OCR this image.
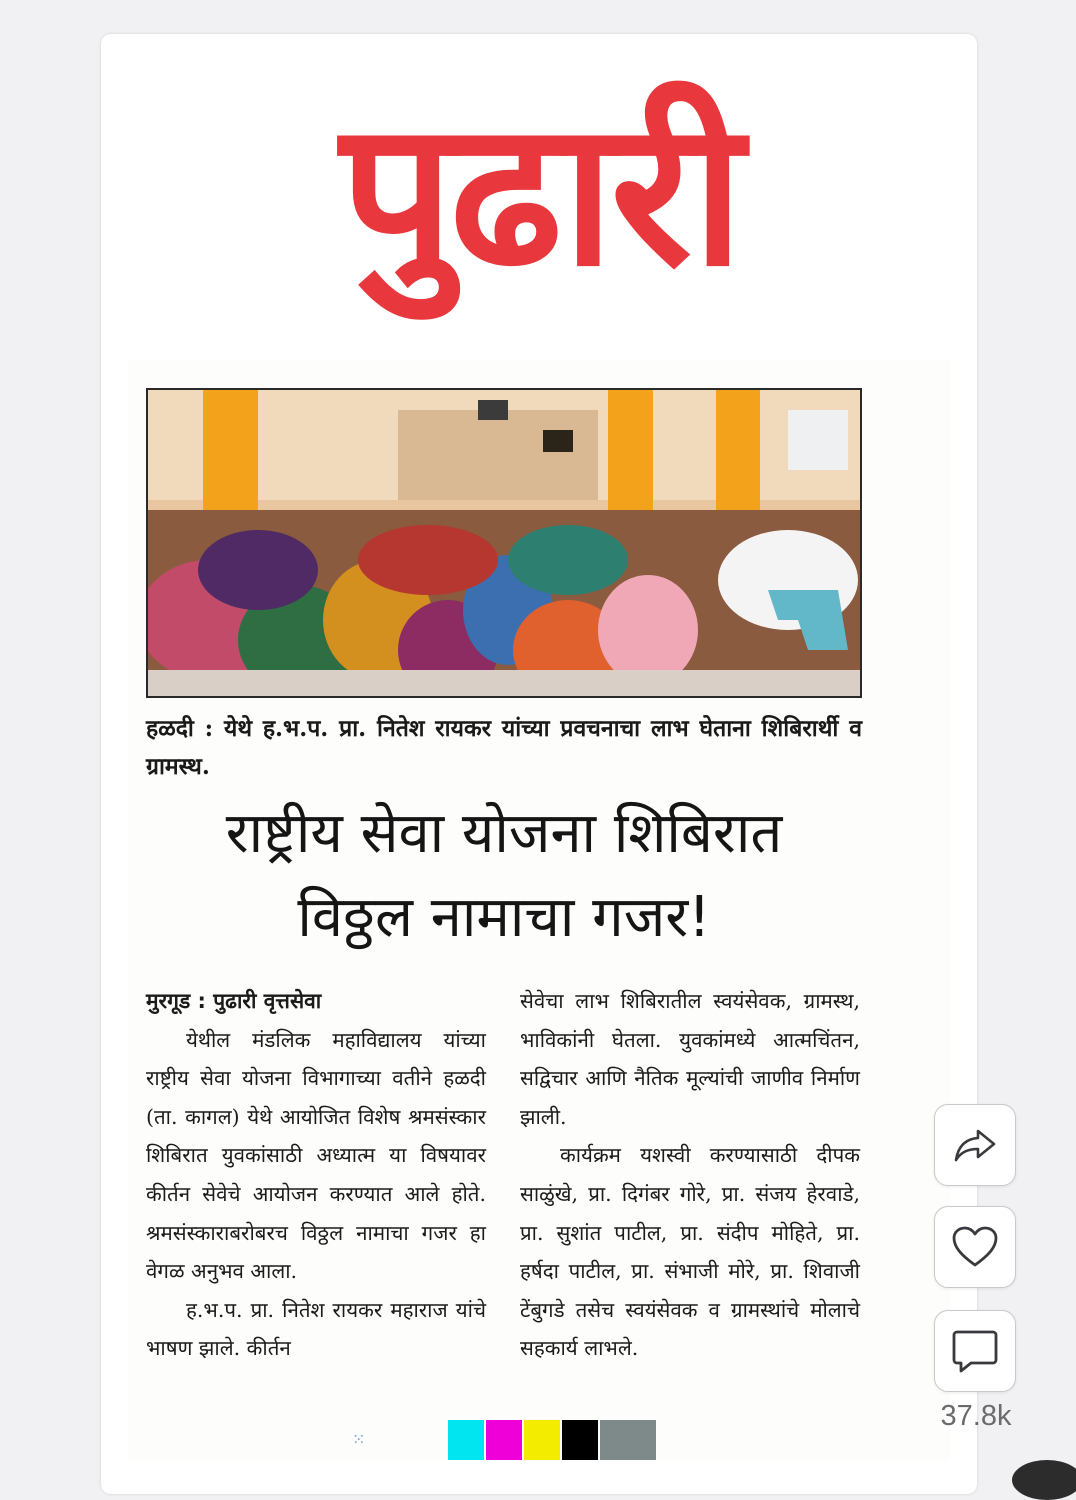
पुढारी
हळदी : येथे ह.भ.प. प्रा. नितेश रायकर यांच्या प्रवचनाचा लाभ घेताना शिबिरार्थी व ग्रामस्थ.
राष्ट्रीय सेवा योजना शिबिरात
विठ्ठल नामाचा गजर!

मुरगूड : पुढारी वृत्तसेवा

येथील मंडलिक महाविद्यालय यांच्या राष्ट्रीय सेवा योजना विभागाच्या वतीने हळदी (ता. कागल) येथे आयोजित विशेष श्रमसंस्कार शिबिरात युवकांसाठी अध्यात्म या विषयावर कीर्तन सेवेचे आयोजन करण्यात आले होते. श्रमसंस्काराबरोबरच विठ्ठल नामाचा गजर हा वेगळ अनुभव आला.

ह.भ.प. प्रा. नितेश रायकर महाराज यांचे भाषण झाले. कीर्तन

सेवेचा लाभ शिबिरातील स्वयंसेवक, ग्रामस्थ, भाविकांनी घेतला. युवकांमध्ये आत्मचिंतन, सद्विचार आणि नैतिक मूल्यांची जाणीव निर्माण झाली.

कार्यक्रम यशस्वी करण्यासाठी दीपक साळुंखे, प्रा. दिगंबर गोरे, प्रा. संजय हेरवाडे, प्रा. सुशांत पाटील, प्रा. संदीप मोहिते, प्रा. हर्षदा पाटील, प्रा. संभाजी मोरे, प्रा. शिवाजी टेंबुगडे तसेच स्वयंसेवक व ग्रामस्थांचे मोलाचे सहकार्य लाभले.

⁙
37.8k
